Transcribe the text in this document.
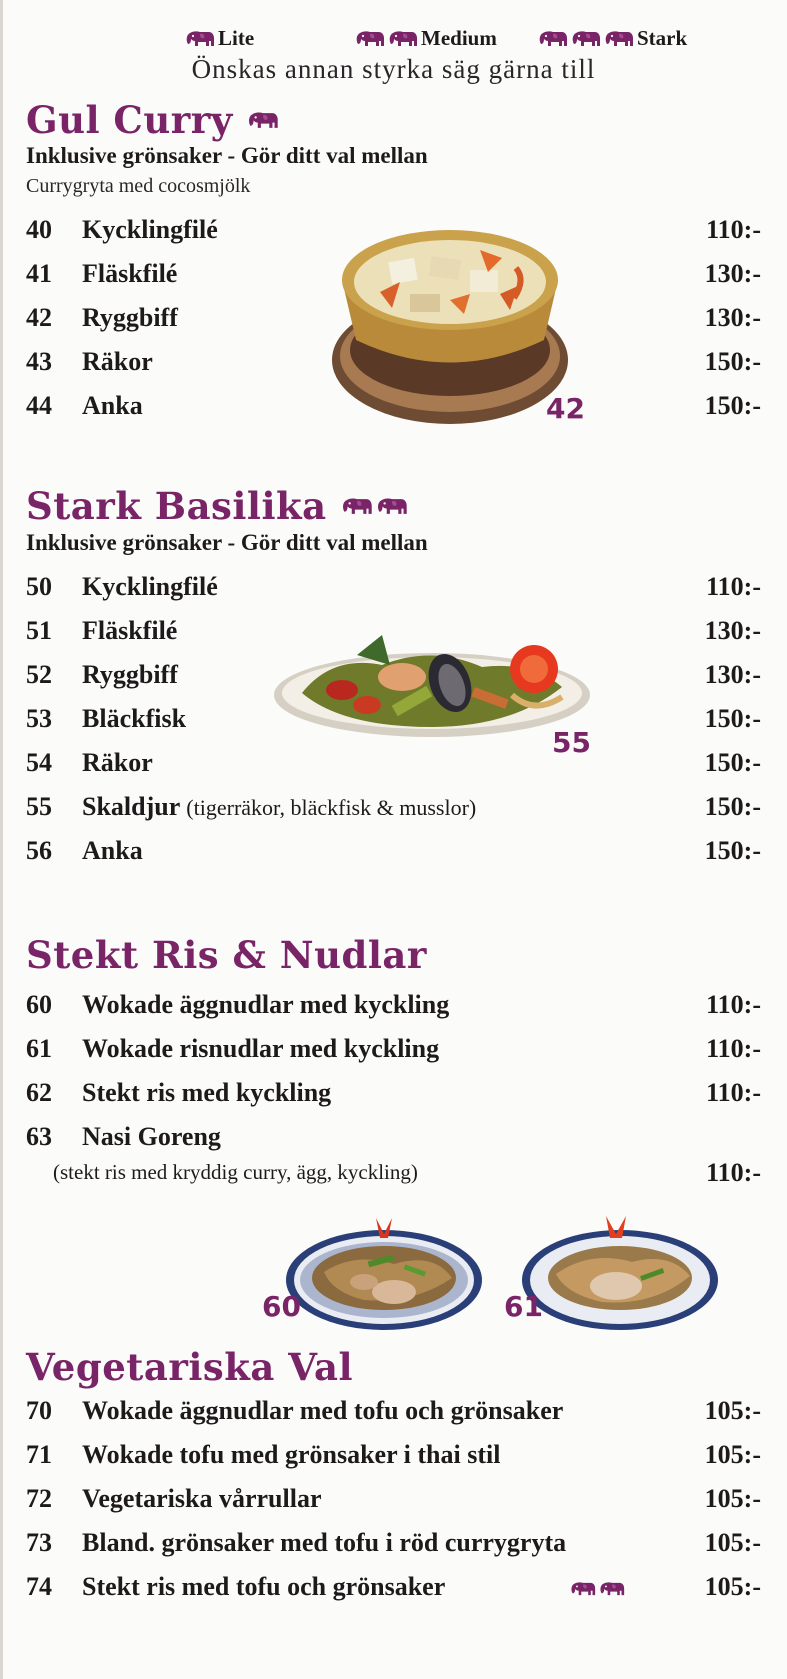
Lite	Medium	Stark
Önskas annan styrka säg gärna till
Gul Curry
Inklusive grönsaker - Gör ditt val mellan
Currygryta med cocosmjölk
40 Kycklingfilé	110:-
41 Fläskfilé	130:-
42 Ryggbiff	130:-
43 Räkor	150:-
44 Anka	150:-
42
Stark Basilika
Inklusive grönsaker - Gör ditt val mellan
50 Kycklingfilé	110:-
51 Fläskfilé	130:-
52 Ryggbiff	130:-
53 Bläckfisk	150:-
54 Räkor	150:-
55 Skaldjur (tigerräkor, bläckfisk & musslor)	150:-
56 Anka	150:-
55
Stekt Ris & Nudlar
60 Wokade äggnudlar med kyckling	110:-
61 Wokade risnudlar med kyckling	110:-
62 Stekt ris med kyckling	110:-
63 Nasi Goreng
(stekt ris med kryddig curry, ägg, kyckling)	110:-
60	61
Vegetariska Val
70 Wokade äggnudlar med tofu och grönsaker	105:-
71 Wokade tofu med grönsaker i thai stil	105:-
72 Vegetariska vårrullar	105:-
73 Bland. grönsaker med tofu i röd currygryta	105:-
74 Stekt ris med tofu och grönsaker	105:-
